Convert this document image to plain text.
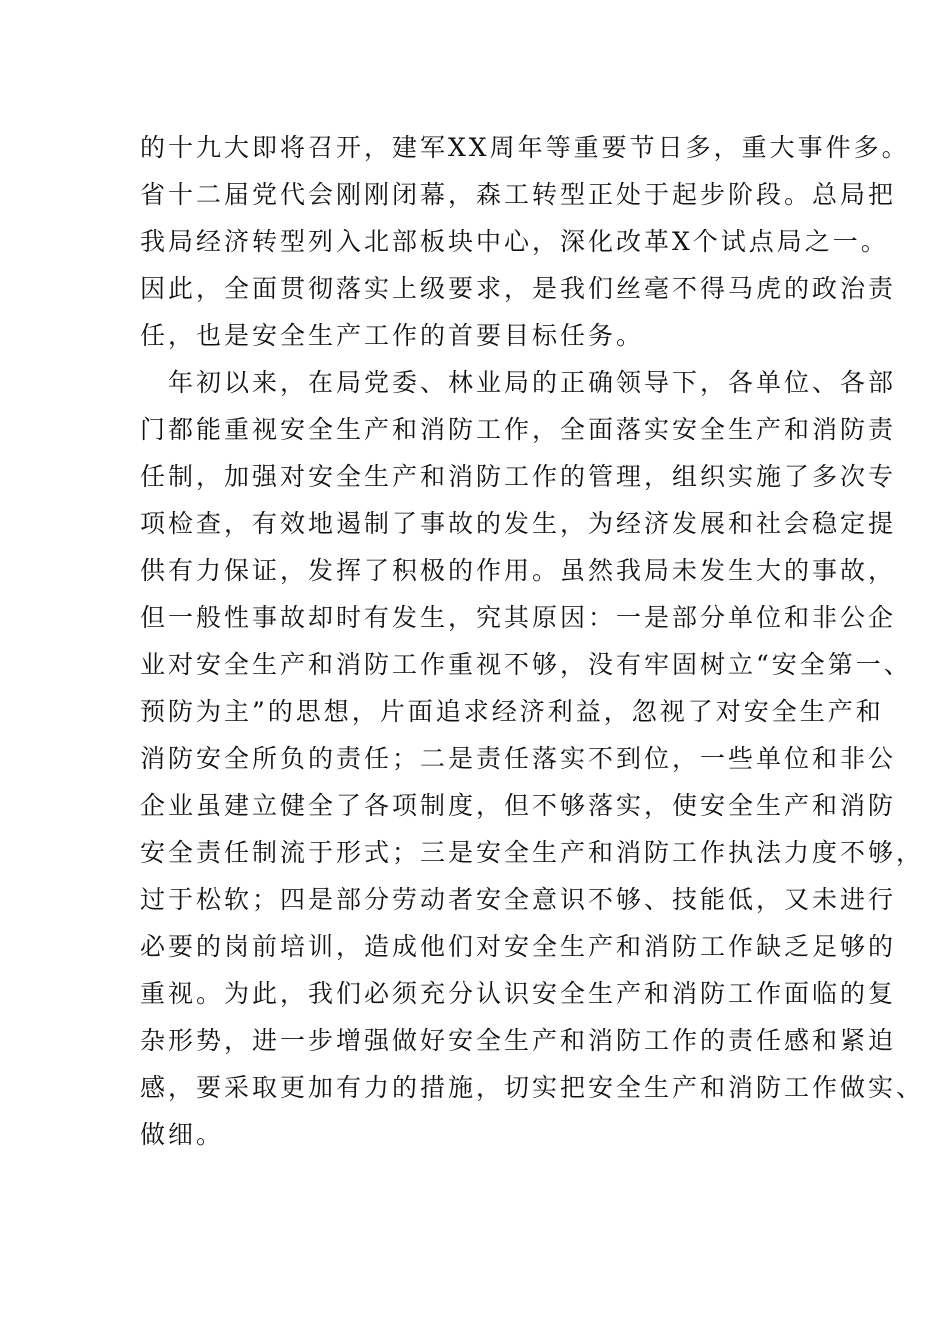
的十九大即将召开，建军XX周年等重要节日多，重大事件多。
省十二届党代会刚刚闭幕，森工转型正处于起步阶段。总局把
我局经济转型列入北部板块中心，深化改革X个试点局之一。
因此，全面贯彻落实上级要求，是我们丝毫不得马虎的政治责
任，也是安全生产工作的首要目标任务。
　年初以来，在局党委、林业局的正确领导下，各单位、各部
门都能重视安全生产和消防工作，全面落实安全生产和消防责
任制，加强对安全生产和消防工作的管理，组织实施了多次专
项检查，有效地遏制了事故的发生，为经济发展和社会稳定提
供有力保证，发挥了积极的作用。虽然我局未发生大的事故，
但一般性事故却时有发生，究其原因：一是部分单位和非公企
业对安全生产和消防工作重视不够，没有牢固树立“安全第一、
预防为主”的思想，片面追求经济利益，忽视了对安全生产和
消防安全所负的责任；二是责任落实不到位，一些单位和非公
企业虽建立健全了各项制度，但不够落实，使安全生产和消防
安全责任制流于形式；三是安全生产和消防工作执法力度不够，
过于松软；四是部分劳动者安全意识不够、技能低，又未进行
必要的岗前培训，造成他们对安全生产和消防工作缺乏足够的
重视。为此，我们必须充分认识安全生产和消防工作面临的复
杂形势，进一步增强做好安全生产和消防工作的责任感和紧迫
感，要采取更加有力的措施，切实把安全生产和消防工作做实、
做细。
